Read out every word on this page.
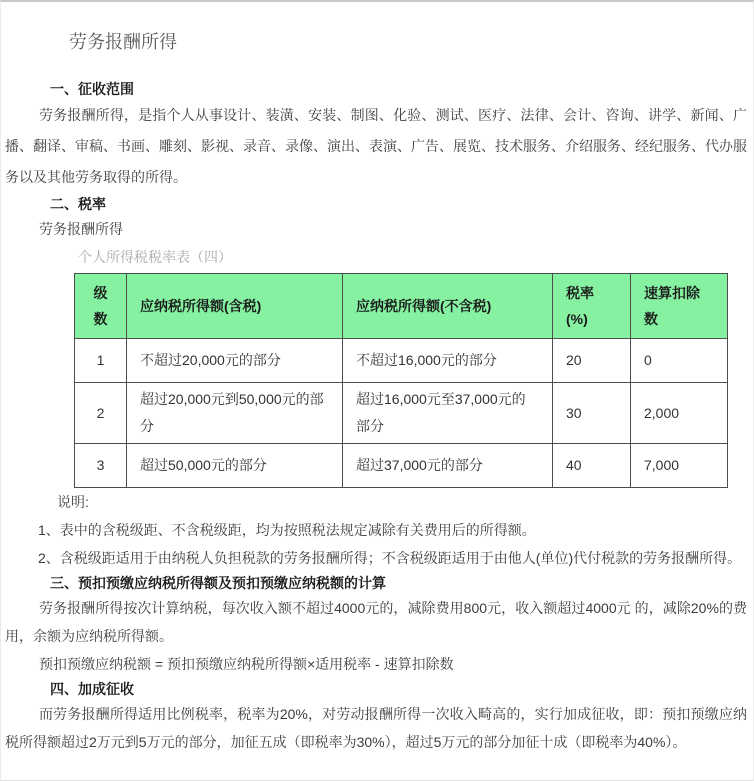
劳务报酬所得
一、征收范围

劳务报酬所得，是指个人从事设计、装潢、安装、制图、化验、测试、医疗、法律、会计、咨询、讲学、新闻、广播、翻译、审稿、书画、雕刻、影视、录音、录像、演出、表演、广告、展览、技术服务、介绍服务、经纪服务、代办服务以及其他劳务取得的所得。

二、税率

劳务报酬所得

个人所得税税率表（四）

级数	应纳税所得额(含税)	应纳税所得额(不含税)	税率(%)	速算扣除数
1	不超过20,000元的部分	不超过16,000元的部分	20	0
2	超过20,000元到50,000元的部分	超过16,000元至37,000元的部分	30	2,000
3	超过50,000元的部分	超过37,000元的部分	40	7,000

说明:

1、表中的含税级距、不含税级距，均为按照税法规定减除有关费用后的所得额。

2、含税级距适用于由纳税人负担税款的劳务报酬所得；不含税级距适用于由他人(单位)代付税款的劳务报酬所得。

三、预扣预缴应纳税所得额及预扣预缴应纳税额的计算

劳务报酬所得按次计算纳税，每次收入额不超过4000元的，减除费用800元，收入额超过4000元 的，减除20%的费用，余额为应纳税所得额。

预扣预缴应纳税额 = 预扣预缴应纳税所得额×适用税率 - 速算扣除数

四、加成征收

而劳务报酬所得适用比例税率，税率为20%，对劳动报酬所得一次收入畸高的，实行加成征收，即：预扣预缴应纳税所得额超过2万元到5万元的部分，加征五成（即税率为30%），超过5万元的部分加征十成（即税率为40%）。
